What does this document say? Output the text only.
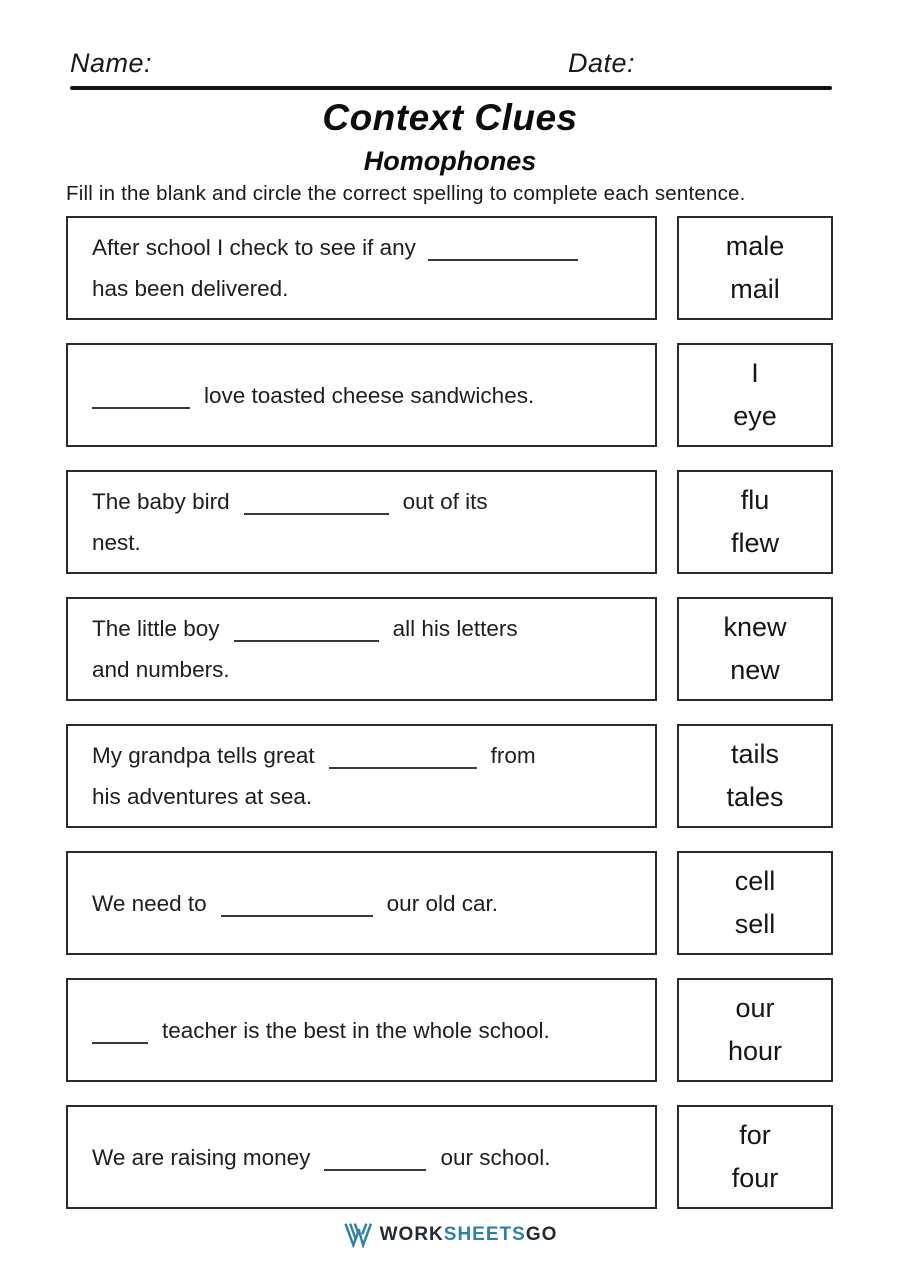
Name:	Date:
Context Clues
Homophones
Fill in the blank and circle the correct spelling to complete each sentence.
After school I check to see if any
has been delivered.
male
mail
love toasted cheese sandwiches.
I
eye
The baby bird	out of its
nest.
flu
flew
The little boy	all his letters
and numbers.
knew
new
My grandpa tells great	from
his adventures at sea.
tails
tales
We need to	our old car.
cell
sell
teacher is the best in the whole school.
our
hour
We are raising money	our school.
for
four
WORKSHEETSGO
